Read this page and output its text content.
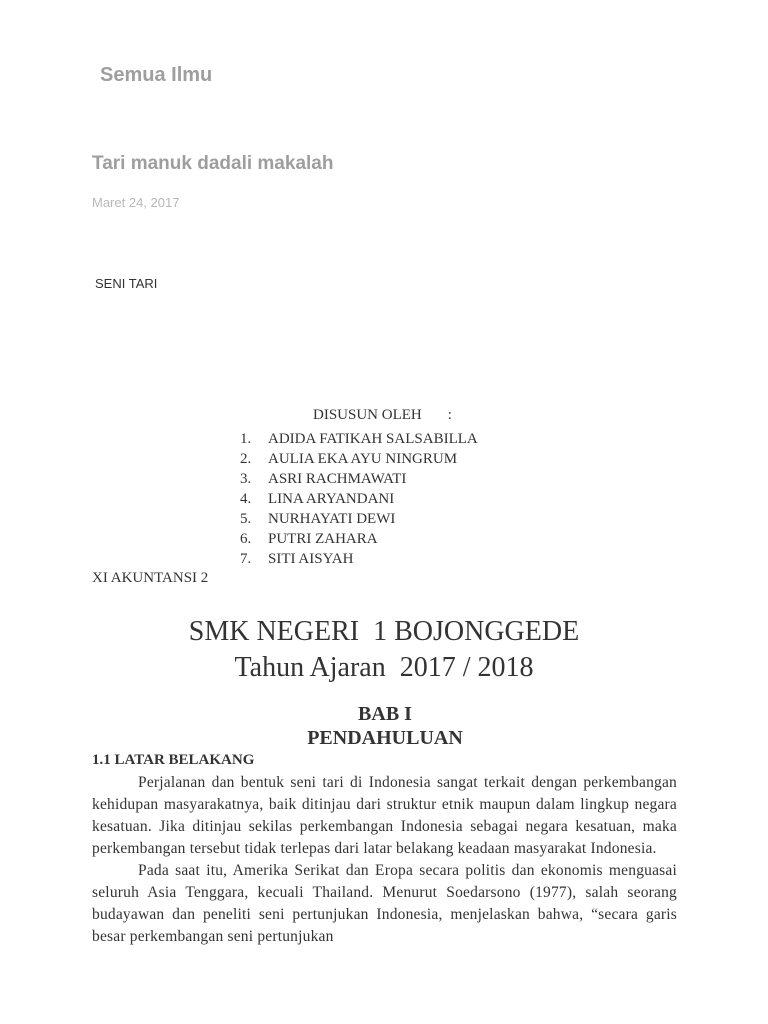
Semua Ilmu
Tari manuk dadali makalah
Maret 24, 2017
SENI TARI
DISUSUN OLEH :
1. ADIDA FATIKAH SALSABILLA
2. AULIA EKA AYU NINGRUM
3. ASRI RACHMAWATI
4. LINA ARYANDANI
5. NURHAYATI DEWI
6. PUTRI ZAHARA
7. SITI AISYAH
XI AKUNTANSI 2
SMK NEGERI  1 BOJONGGEDE
Tahun Ajaran  2017 / 2018
BAB I
PENDAHULUAN
1.1 LATAR BELAKANG

Perjalanan dan bentuk seni tari di Indonesia sangat terkait dengan perkembangan kehidupan masyarakatnya, baik ditinjau dari struktur etnik maupun dalam lingkup negara kesatuan. Jika ditinjau sekilas perkembangan Indonesia sebagai negara kesatuan, maka perkembangan tersebut tidak terlepas dari latar belakang keadaan masyarakat Indonesia.

Pada saat itu, Amerika Serikat dan Eropa secara politis dan ekonomis menguasai seluruh Asia Tenggara, kecuali Thailand. Menurut Soedarsono (1977), salah seorang budayawan dan peneliti seni pertunjukan Indonesia, menjelaskan bahwa, “secara garis besar perkembangan seni pertunjukan
